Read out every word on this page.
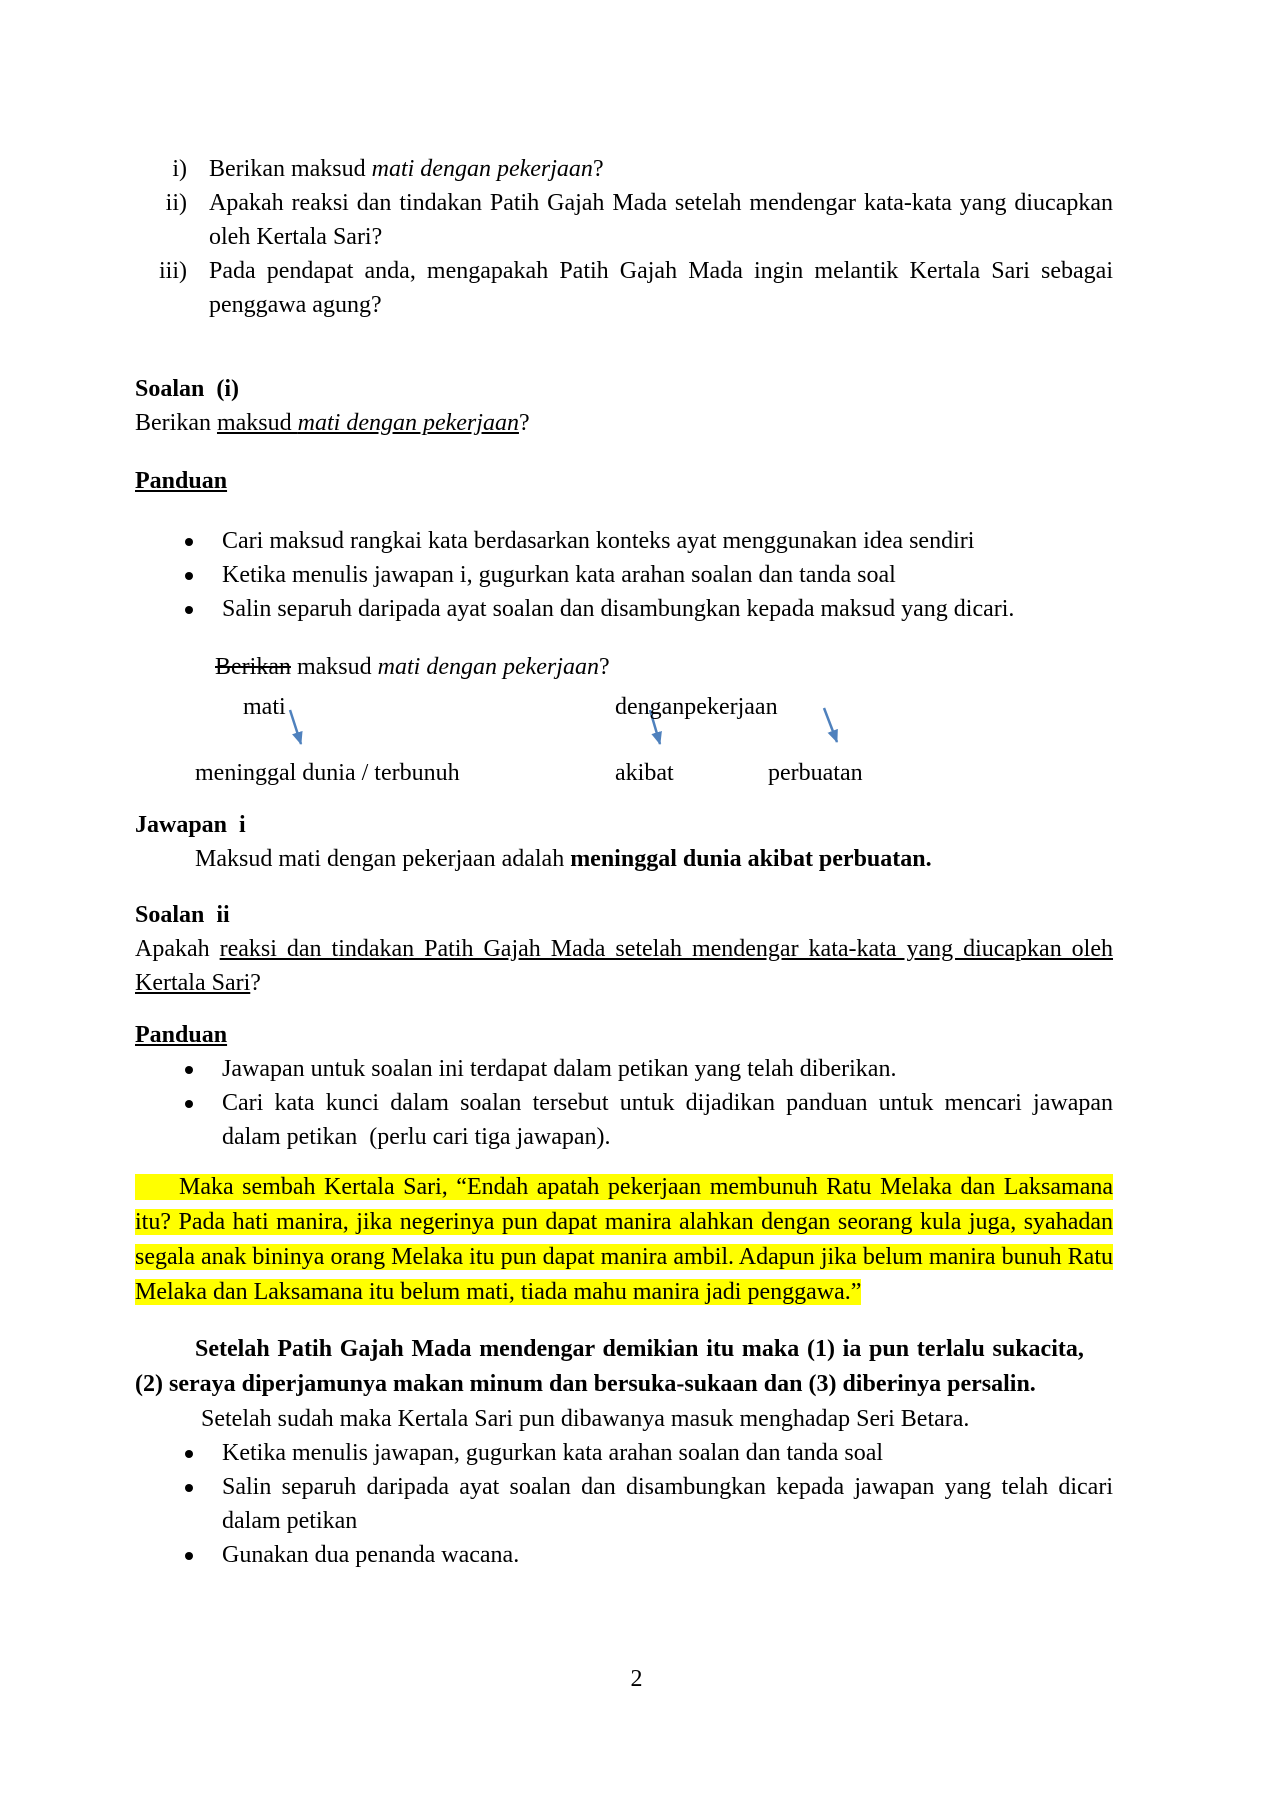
i) Berikan maksud mati dengan pekerjaan?
ii) Apakah reaksi dan tindakan Patih Gajah Mada setelah mendengar kata-kata yang diucapkan oleh Kertala Sari?
iii) Pada pendapat anda, mengapakah Patih Gajah Mada ingin melantik Kertala Sari sebagai penggawa agung?

Soalan  (i)

Berikan maksud mati dengan pekerjaan?

Panduan

Cari maksud rangkai kata berdasarkan konteks ayat menggunakan idea sendiri
Ketika menulis jawapan i, gugurkan kata arahan soalan dan tanda soal
Salin separuh daripada ayat soalan dan disambungkan kepada maksud yang dicari.

Berikan maksud mati dengan pekerjaan?

mati	dengan pekerjaan
meninggal dunia / terbunuh	akibat	perbuatan

Jawapan  i

Maksud mati dengan pekerjaan adalah meninggal dunia akibat perbuatan.

Soalan  ii

Apakah reaksi dan tindakan Patih Gajah Mada setelah mendengar kata-kata yang diucapkan oleh Kertala Sari?

Panduan

Jawapan untuk soalan ini terdapat dalam petikan yang telah diberikan.
Cari kata kunci dalam soalan tersebut untuk dijadikan panduan untuk mencari jawapan dalam petikan  (perlu cari tiga jawapan).

Maka sembah Kertala Sari, “Endah apatah pekerjaan membunuh Ratu Melaka dan Laksamana itu? Pada hati manira, jika negerinya pun dapat manira alahkan dengan seorang kula juga, syahadan segala anak bininya orang Melaka itu pun dapat manira ambil. Adapun jika belum manira bunuh Ratu Melaka dan Laksamana itu belum mati, tiada mahu manira jadi penggawa.”

Setelah Patih Gajah Mada mendengar demikian itu maka (1) ia pun terlalu sukacita,     (2) seraya diperjamunya makan minum dan bersuka-sukaan dan (3) diberinya persalin.

Setelah sudah maka Kertala Sari pun dibawanya masuk menghadap Seri Betara.

Ketika menulis jawapan, gugurkan kata arahan soalan dan tanda soal
Salin separuh daripada ayat soalan dan disambungkan kepada jawapan yang telah dicari dalam petikan
Gunakan dua penanda wacana.

2
